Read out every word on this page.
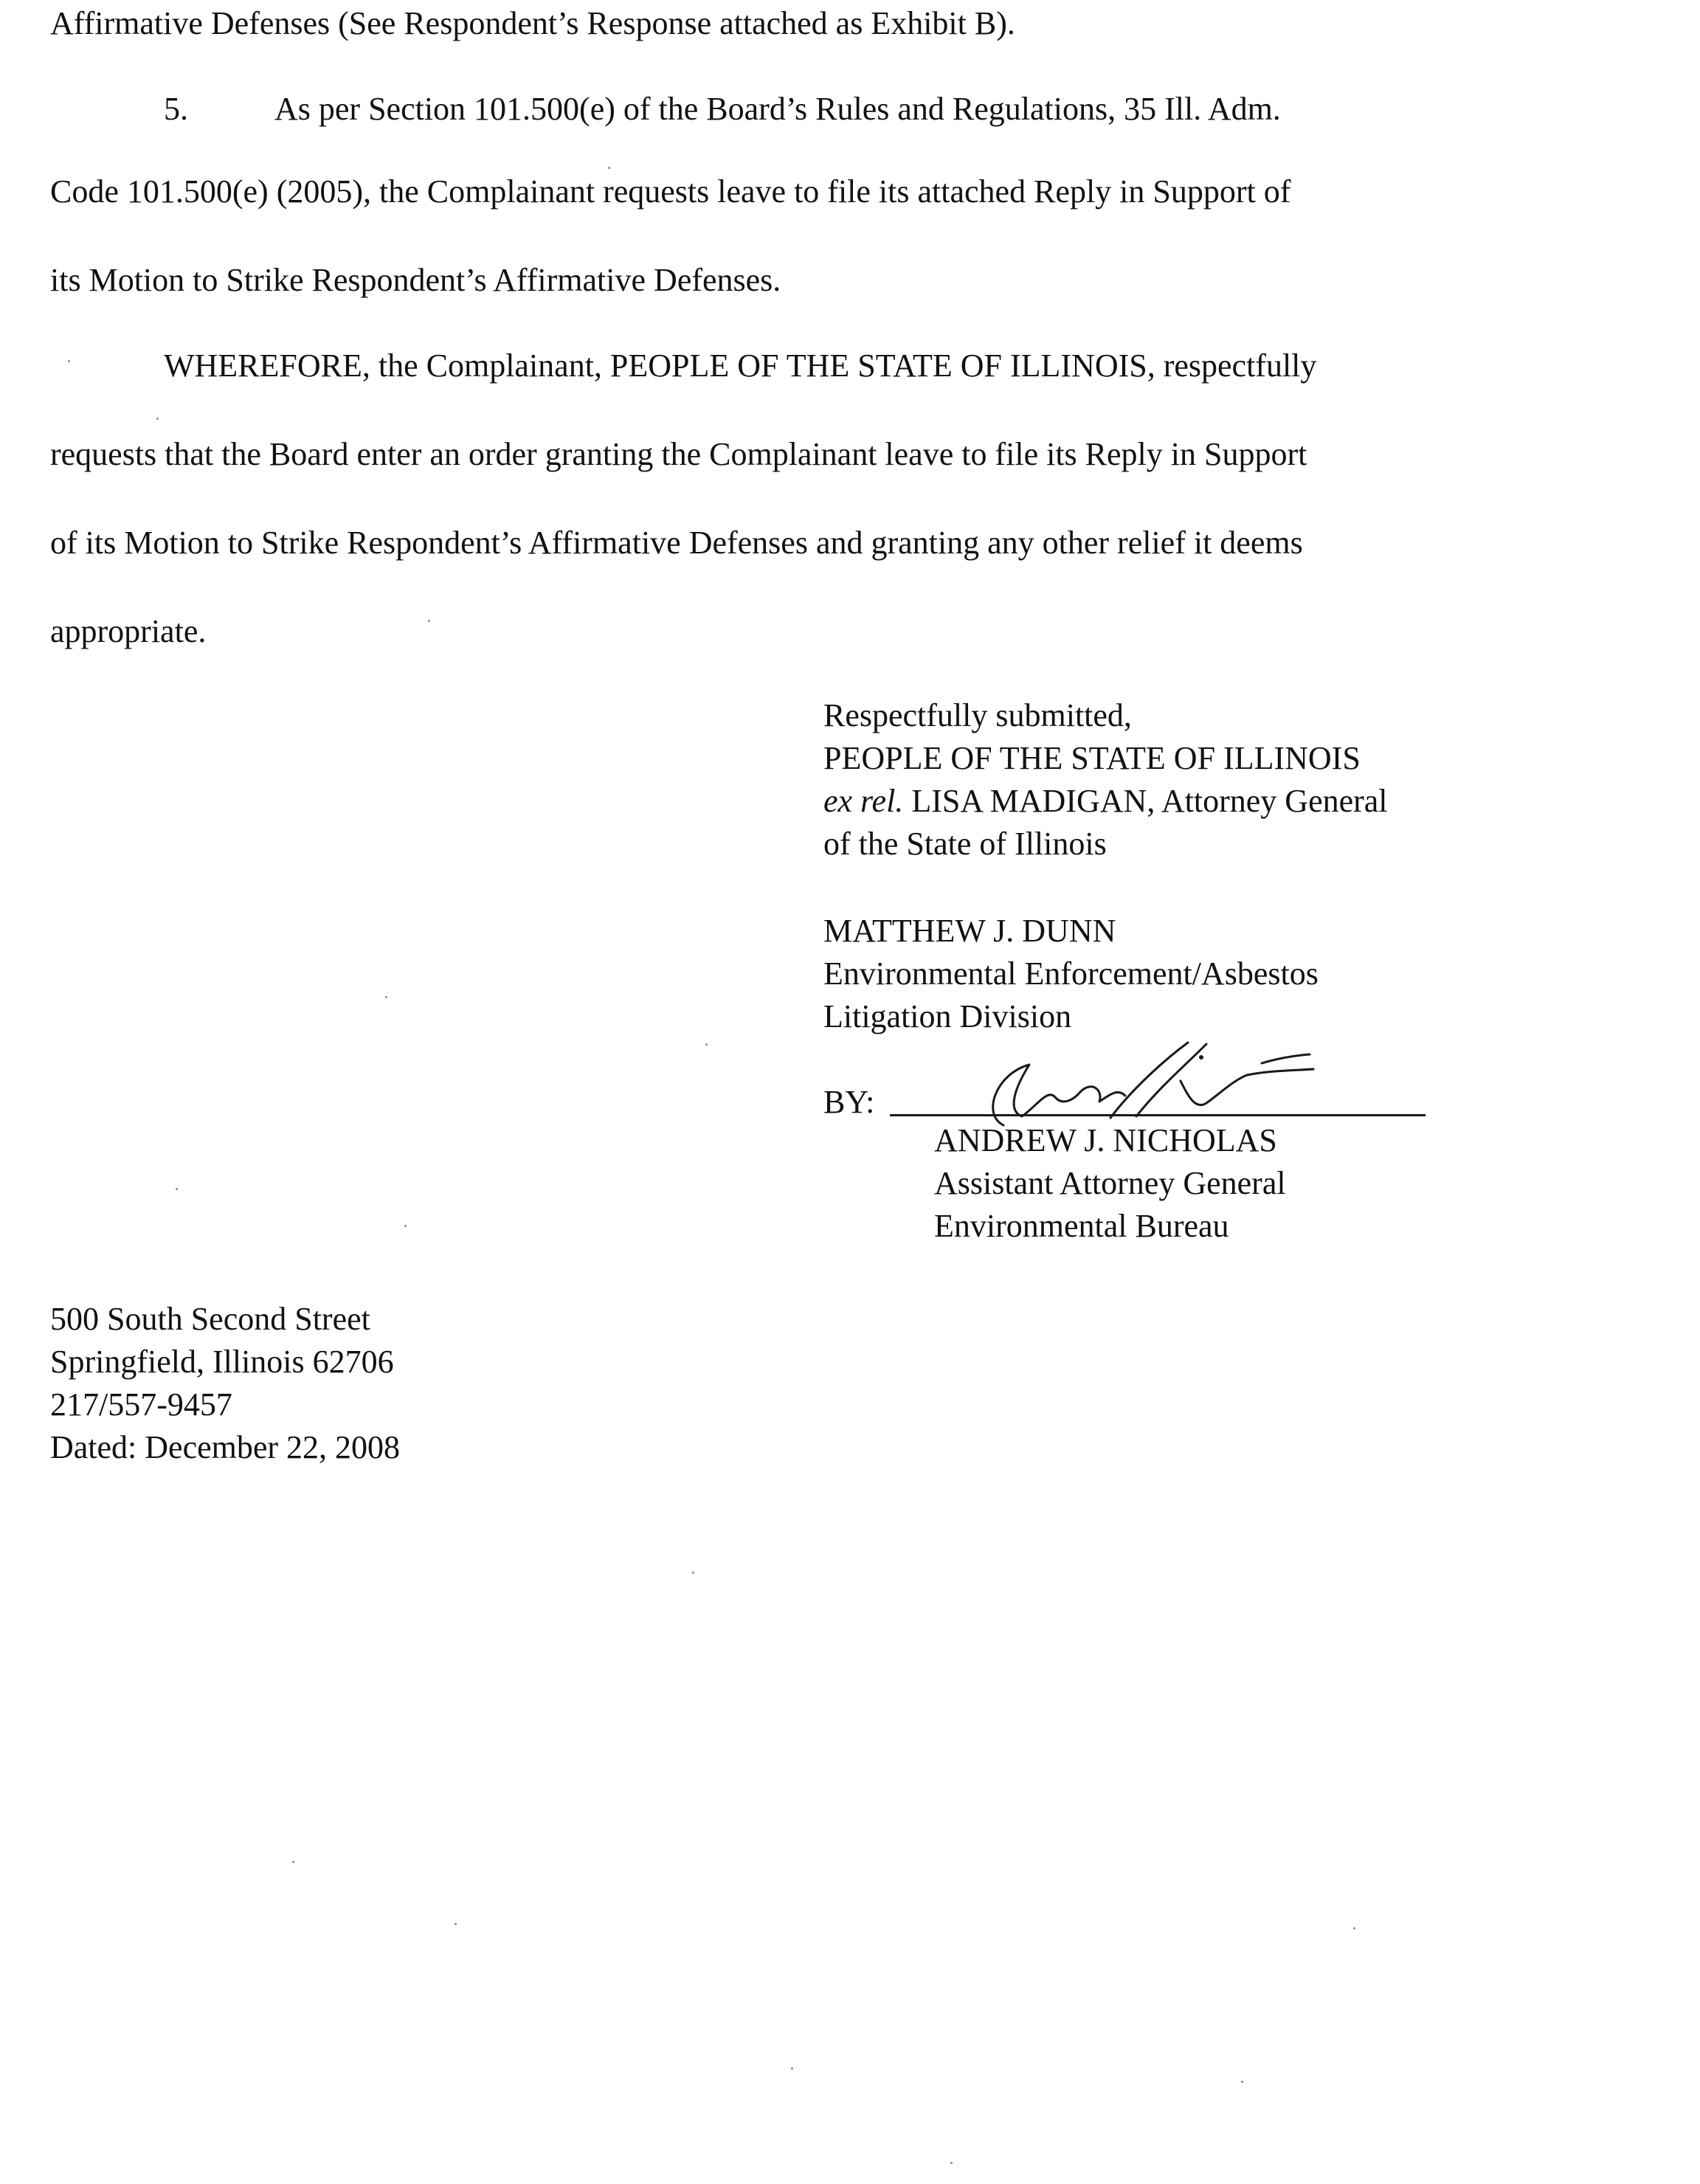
Affirmative Defenses (See Respondent’s Response attached as Exhibit B).
5.	As per Section 101.500(e) of the Board’s Rules and Regulations, 35 Ill. Adm.
Code 101.500(e) (2005), the Complainant requests leave to file its attached Reply in Support of
its Motion to Strike Respondent’s Affirmative Defenses.
WHEREFORE, the Complainant, PEOPLE OF THE STATE OF ILLINOIS, respectfully
requests that the Board enter an order granting the Complainant leave to file its Reply in Support
of its Motion to Strike Respondent’s Affirmative Defenses and granting any other relief it deems
appropriate.
Respectfully submitted,
PEOPLE OF THE STATE OF ILLINOIS
ex rel. LISA MADIGAN, Attorney General
of the State of Illinois
MATTHEW J. DUNN
Environmental Enforcement/Asbestos
Litigation Division
BY:
ANDREW J. NICHOLAS
Assistant Attorney General
Environmental Bureau
500 South Second Street
Springfield, Illinois 62706
217/557-9457
Dated: December 22, 2008
